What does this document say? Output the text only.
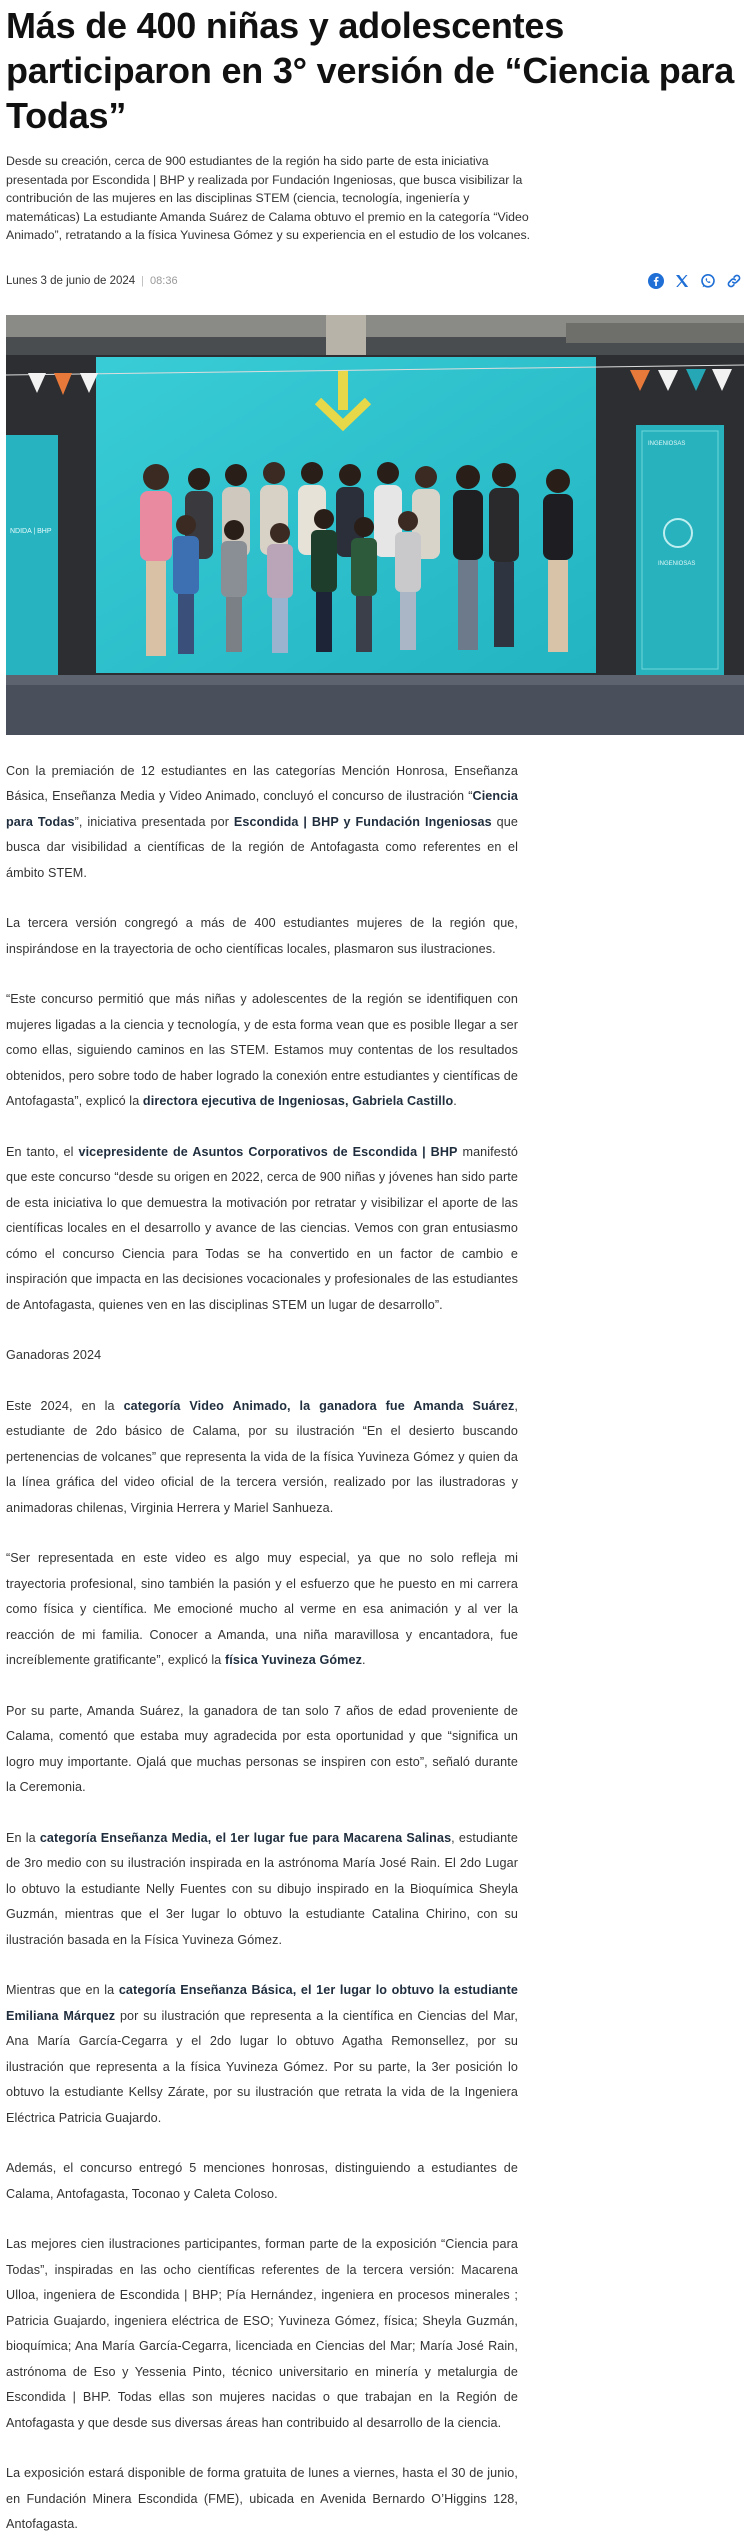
Más de 400 niñas y adolescentes participaron en 3° versión de “Ciencia para Todas”

Desde su creación, cerca de 900 estudiantes de la región ha sido parte de esta iniciativa presentada por Escondida | BHP y realizada por Fundación Ingeniosas, que busca visibilizar la contribución de las mujeres en las disciplinas STEM (ciencia, tecnología, ingeniería y matemáticas) La estudiante Amanda Suárez de Calama obtuvo el premio en la categoría “Video Animado”, retratando a la física Yuvinesa Gómez y su experiencia en el estudio de los volcanes.

Lunes 3 de junio de 2024 | 08:36
NDIDA | BHP
INGENIOSAS
INGENIOSAS

Con la premiación de 12 estudiantes en las categorías Mención Honrosa, Enseñanza Básica, Enseñanza Media y Video Animado, concluyó el concurso de ilustración “Ciencia para Todas”, iniciativa presentada por Escondida | BHP y Fundación Ingeniosas que busca dar visibilidad a científicas de la región de Antofagasta como referentes en el ámbito STEM.

La tercera versión congregó a más de 400 estudiantes mujeres de la región que, inspirándose en la trayectoria de ocho científicas locales, plasmaron sus ilustraciones.

“Este concurso permitió que más niñas y adolescentes de la región se identifiquen con mujeres ligadas a la ciencia y tecnología, y de esta forma vean que es posible llegar a ser como ellas, siguiendo caminos en las STEM. Estamos muy contentas de los resultados obtenidos, pero sobre todo de haber logrado la conexión entre estudiantes y científicas de Antofagasta”, explicó la directora ejecutiva de Ingeniosas, Gabriela Castillo.

En tanto, el vicepresidente de Asuntos Corporativos de Escondida | BHP manifestó que este concurso “desde su origen en 2022, cerca de 900 niñas y jóvenes han sido parte de esta iniciativa lo que demuestra la motivación por retratar y visibilizar el aporte de las científicas locales en el desarrollo y avance de las ciencias. Vemos con gran entusiasmo cómo el concurso Ciencia para Todas se ha convertido en un factor de cambio e inspiración que impacta en las decisiones vocacionales y profesionales de las estudiantes de Antofagasta, quienes ven en las disciplinas STEM un lugar de desarrollo”.

Ganadoras 2024

Este 2024, en la categoría Video Animado, la ganadora fue Amanda Suárez, estudiante de 2do básico de Calama, por su ilustración “En el desierto buscando pertenencias de volcanes” que representa la vida de la física Yuvineza Gómez y quien da la línea gráfica del video oficial de la tercera versión, realizado por las ilustradoras y animadoras chilenas, Virginia Herrera y Mariel Sanhueza.

“Ser representada en este video es algo muy especial, ya que no solo refleja mi trayectoria profesional, sino también la pasión y el esfuerzo que he puesto en mi carrera como física y científica. Me emocioné mucho al verme en esa animación y al ver la reacción de mi familia. Conocer a Amanda, una niña maravillosa y encantadora, fue increíblemente gratificante”, explicó la física Yuvineza Gómez.

Por su parte, Amanda Suárez, la ganadora de tan solo 7 años de edad proveniente de Calama, comentó que estaba muy agradecida por esta oportunidad y que “significa un logro muy importante. Ojalá que muchas personas se inspiren con esto”, señaló durante la Ceremonia.

En la categoría Enseñanza Media, el 1er lugar fue para Macarena Salinas, estudiante de 3ro medio con su ilustración inspirada en la astrónoma María José Rain. El 2do Lugar lo obtuvo la estudiante Nelly Fuentes con su dibujo inspirado en la Bioquímica Sheyla Guzmán, mientras que el 3er lugar lo obtuvo la estudiante Catalina Chirino, con su ilustración basada en la Física Yuvineza Gómez.

Mientras que en la categoría Enseñanza Básica, el 1er lugar lo obtuvo la estudiante Emiliana Márquez por su ilustración que representa a la científica en Ciencias del Mar, Ana María García-Cegarra y el 2do lugar lo obtuvo Agatha Remonsellez, por su ilustración que representa a la física Yuvineza Gómez. Por su parte, la 3er posición lo obtuvo la estudiante Kellsy Zárate, por su ilustración que retrata la vida de la Ingeniera Eléctrica Patricia Guajardo.

Además, el concurso entregó 5 menciones honrosas, distinguiendo a estudiantes de Calama, Antofagasta, Toconao y Caleta Coloso.

Las mejores cien ilustraciones participantes, forman parte de la exposición “Ciencia para Todas”, inspiradas en las ocho científicas referentes de la tercera versión: Macarena Ulloa, ingeniera de Escondida | BHP; Pía Hernández, ingeniera en procesos minerales ; Patricia Guajardo, ingeniera eléctrica de ESO; Yuvineza Gómez, física; Sheyla Guzmán, bioquímica; Ana María García-Cegarra, licenciada en Ciencias del Mar; María José Rain, astrónoma de Eso y Yessenia Pinto, técnico universitario en minería y metalurgia de Escondida | BHP. Todas ellas son mujeres nacidas o que trabajan en la Región de Antofagasta y que desde sus diversas áreas han contribuido al desarrollo de la ciencia.

La exposición estará disponible de forma gratuita de lunes a viernes, hasta el 30 de junio, en Fundación Minera Escondida (FME), ubicada en Avenida Bernardo O’Higgins 128, Antofagasta.
